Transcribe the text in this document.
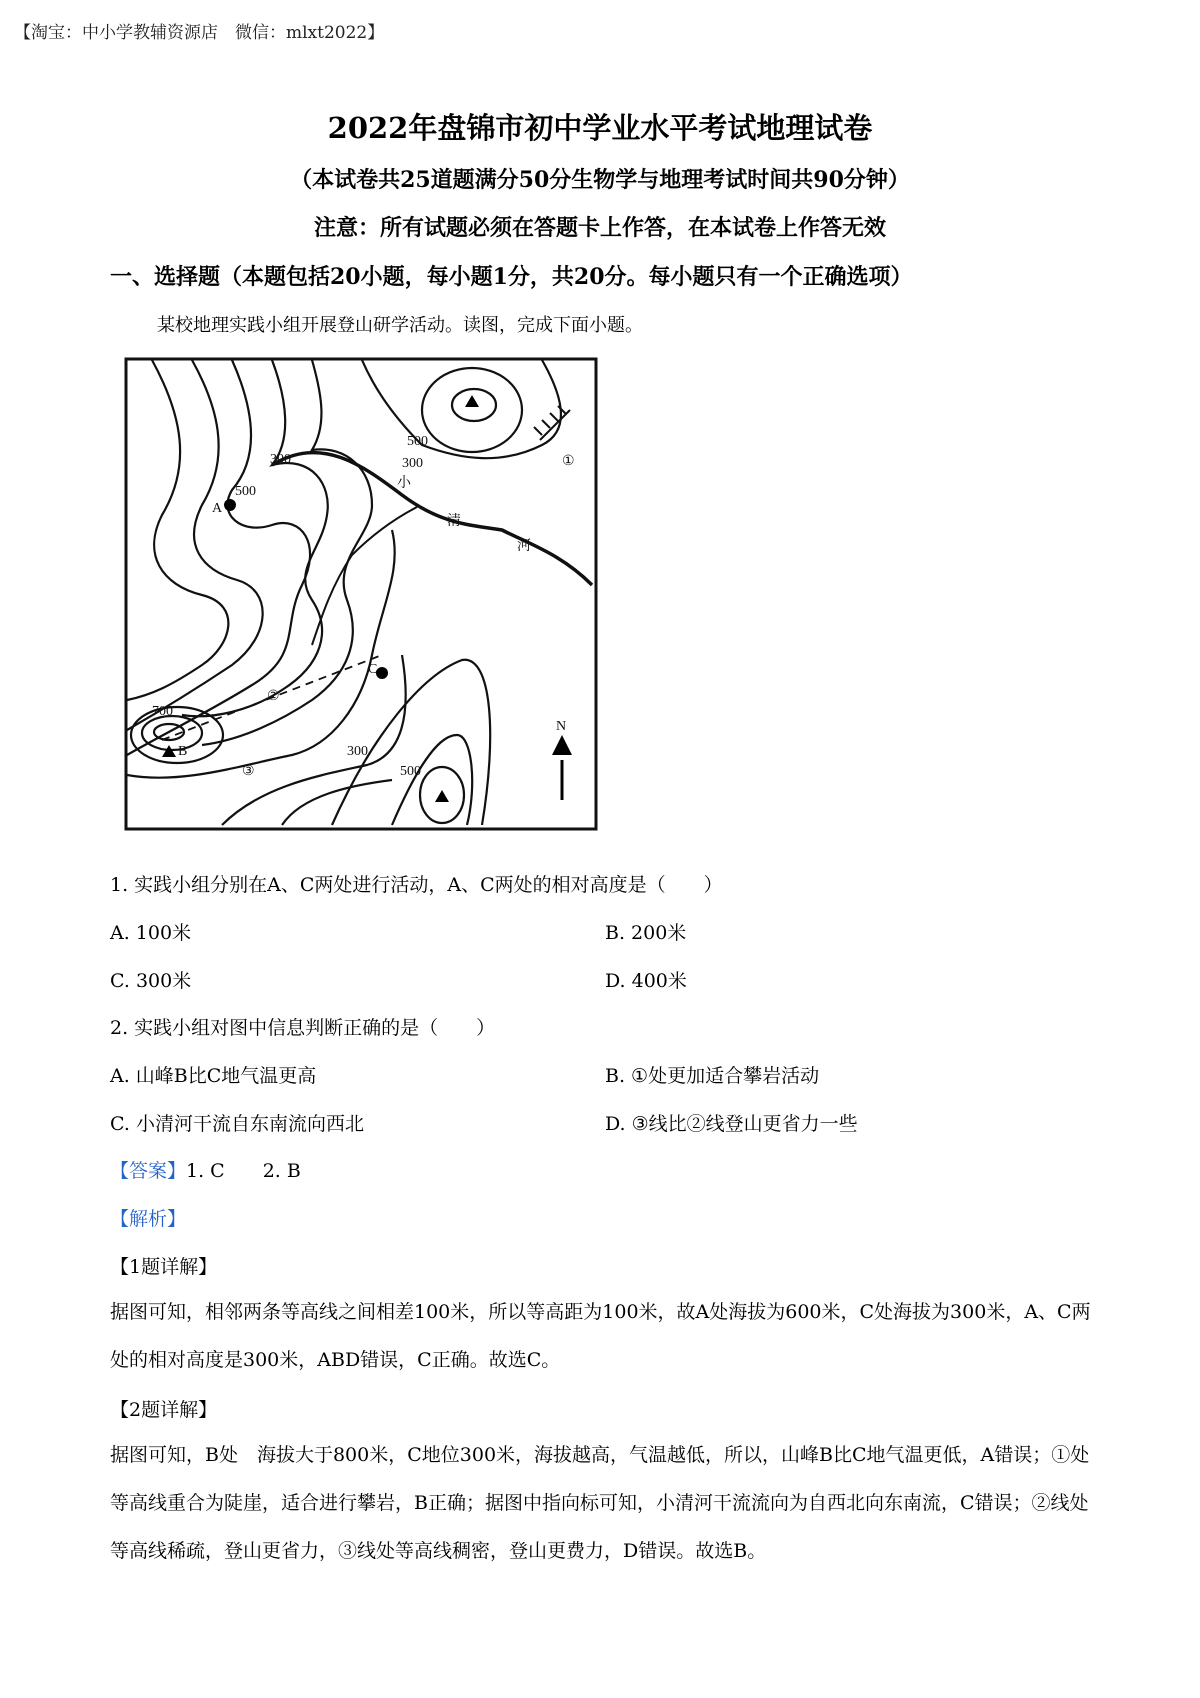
【淘宝：中小学教辅资源店　微信：mlxt2022】
2022年盘锦市初中学业水平考试地理试卷
（本试卷共25道题满分50分生物学与地理考试时间共90分钟）
注意：所有试题必须在答题卡上作答，在本试卷上作答无效
一、选择题（本题包括20小题，每小题1分，共20分。每小题只有一个正确选项）
某校地理实践小组开展登山研学活动。读图，完成下面小题。
300
500
500
300
700
300
500
A
B
C
①
②
③
小
清
河
N
1. 实践小组分别在A、C两处进行活动，A、C两处的相对高度是（　　）
A. 100米	B. 200米
C. 300米	D. 400米
2. 实践小组对图中信息判断正确的是（　　）
A. 山峰B比C地气温更高	B. ①处更加适合攀岩活动
C. 小清河干流自东南流向西北	D. ③线比②线登山更省力一些
【答案】1. C　　2. B
【解析】
【1题详解】
据图可知，相邻两条等高线之间相差100米，所以等高距为100米，故A处海拔为600米，C处海拔为300米，A、C两处的相对高度是300米，ABD错误，C正确。故选C。
【2题详解】
据图可知，B处　海拔大于800米，C地位300米，海拔越高，气温越低，所以，山峰B比C地气温更低，A错误；①处等高线重合为陡崖，适合进行攀岩，B正确；据图中指向标可知，小清河干流流向为自西北向东南流，C错误；②线处等高线稀疏，登山更省力，③线处等高线稠密，登山更费力，D错误。故选B。
